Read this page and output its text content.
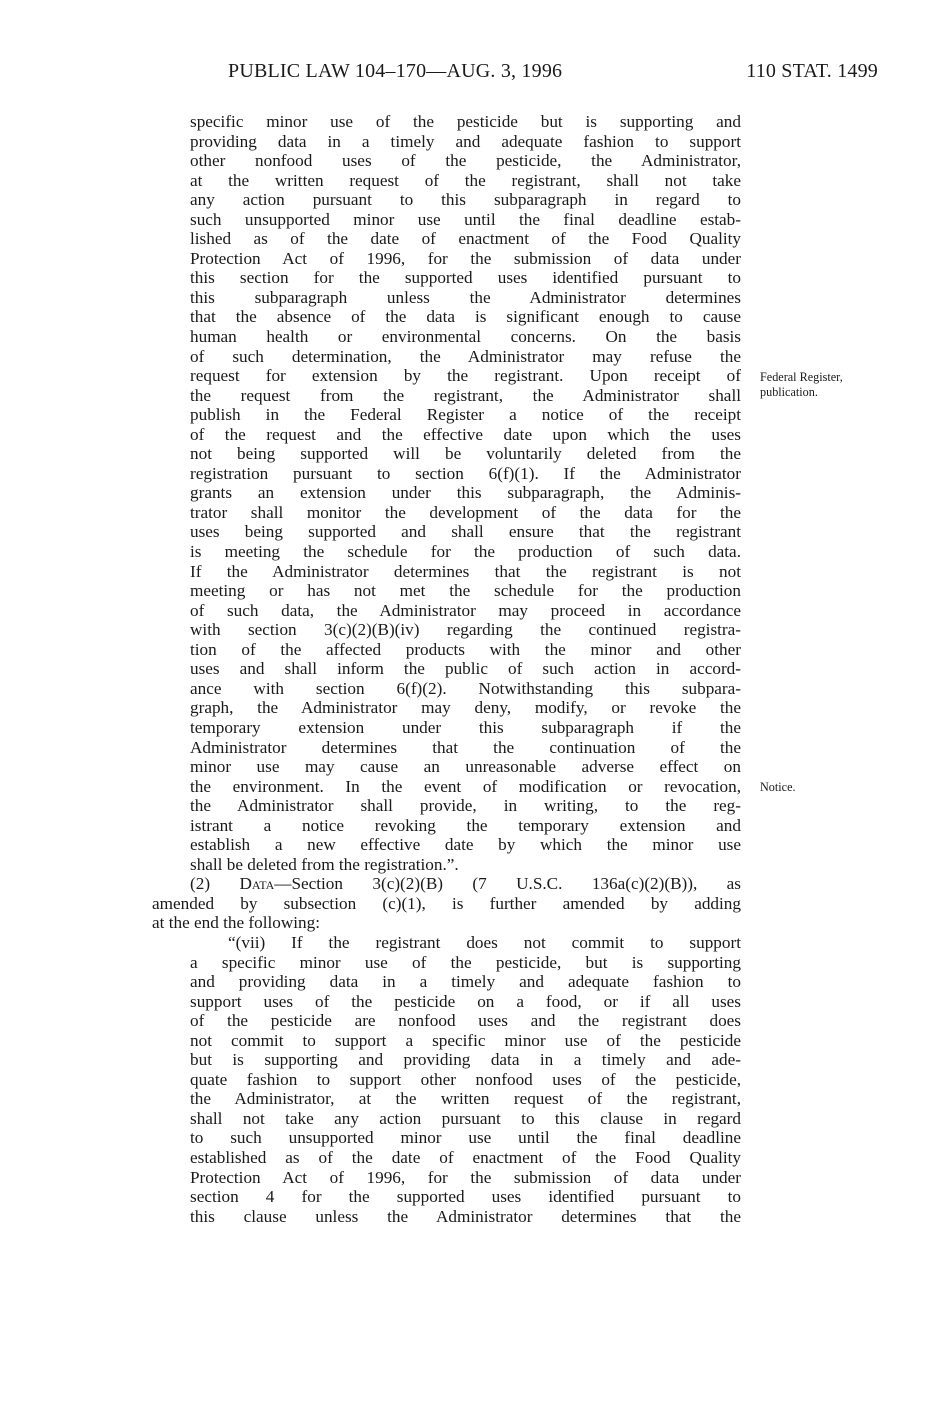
PUBLIC LAW 104–170—AUG. 3, 1996	110 STAT. 1499
specific minor use of the pesticide but is supporting and
providing data in a timely and adequate fashion to support
other nonfood uses of the pesticide, the Administrator,
at the written request of the registrant, shall not take
any action pursuant to this subparagraph in regard to
such unsupported minor use until the final deadline estab-
lished as of the date of enactment of the Food Quality
Protection Act of 1996, for the submission of data under
this section for the supported uses identified pursuant to
this subparagraph unless the Administrator determines
that the absence of the data is significant enough to cause
human health or environmental concerns. On the basis
of such determination, the Administrator may refuse the
request for extension by the registrant. Upon receipt of
the request from the registrant, the Administrator shall
publish in the Federal Register a notice of the receipt
of the request and the effective date upon which the uses
not being supported will be voluntarily deleted from the
registration pursuant to section 6(f)(1). If the Administrator
grants an extension under this subparagraph, the Adminis-
trator shall monitor the development of the data for the
uses being supported and shall ensure that the registrant
is meeting the schedule for the production of such data.
If the Administrator determines that the registrant is not
meeting or has not met the schedule for the production
of such data, the Administrator may proceed in accordance
with section 3(c)(2)(B)(iv) regarding the continued registra-
tion of the affected products with the minor and other
uses and shall inform the public of such action in accord-
ance with section 6(f)(2). Notwithstanding this subpara-
graph, the Administrator may deny, modify, or revoke the
temporary extension under this subparagraph if the
Administrator determines that the continuation of the
minor use may cause an unreasonable adverse effect on
the environment. In the event of modification or revocation,
the Administrator shall provide, in writing, to the reg-
istrant a notice revoking the temporary extension and
establish a new effective date by which the minor use
shall be deleted from the registration.”.
(2) Data—Section 3(c)(2)(B) (7 U.S.C. 136a(c)(2)(B)), as
amended by subsection (c)(1), is further amended by adding
at the end the following:
“(vii) If the registrant does not commit to support
a specific minor use of the pesticide, but is supporting
and providing data in a timely and adequate fashion to
support uses of the pesticide on a food, or if all uses
of the pesticide are nonfood uses and the registrant does
not commit to support a specific minor use of the pesticide
but is supporting and providing data in a timely and ade-
quate fashion to support other nonfood uses of the pesticide,
the Administrator, at the written request of the registrant,
shall not take any action pursuant to this clause in regard
to such unsupported minor use until the final deadline
established as of the date of enactment of the Food Quality
Protection Act of 1996, for the submission of data under
section 4 for the supported uses identified pursuant to
this clause unless the Administrator determines that the
Federal Register,
publication.
Notice.
